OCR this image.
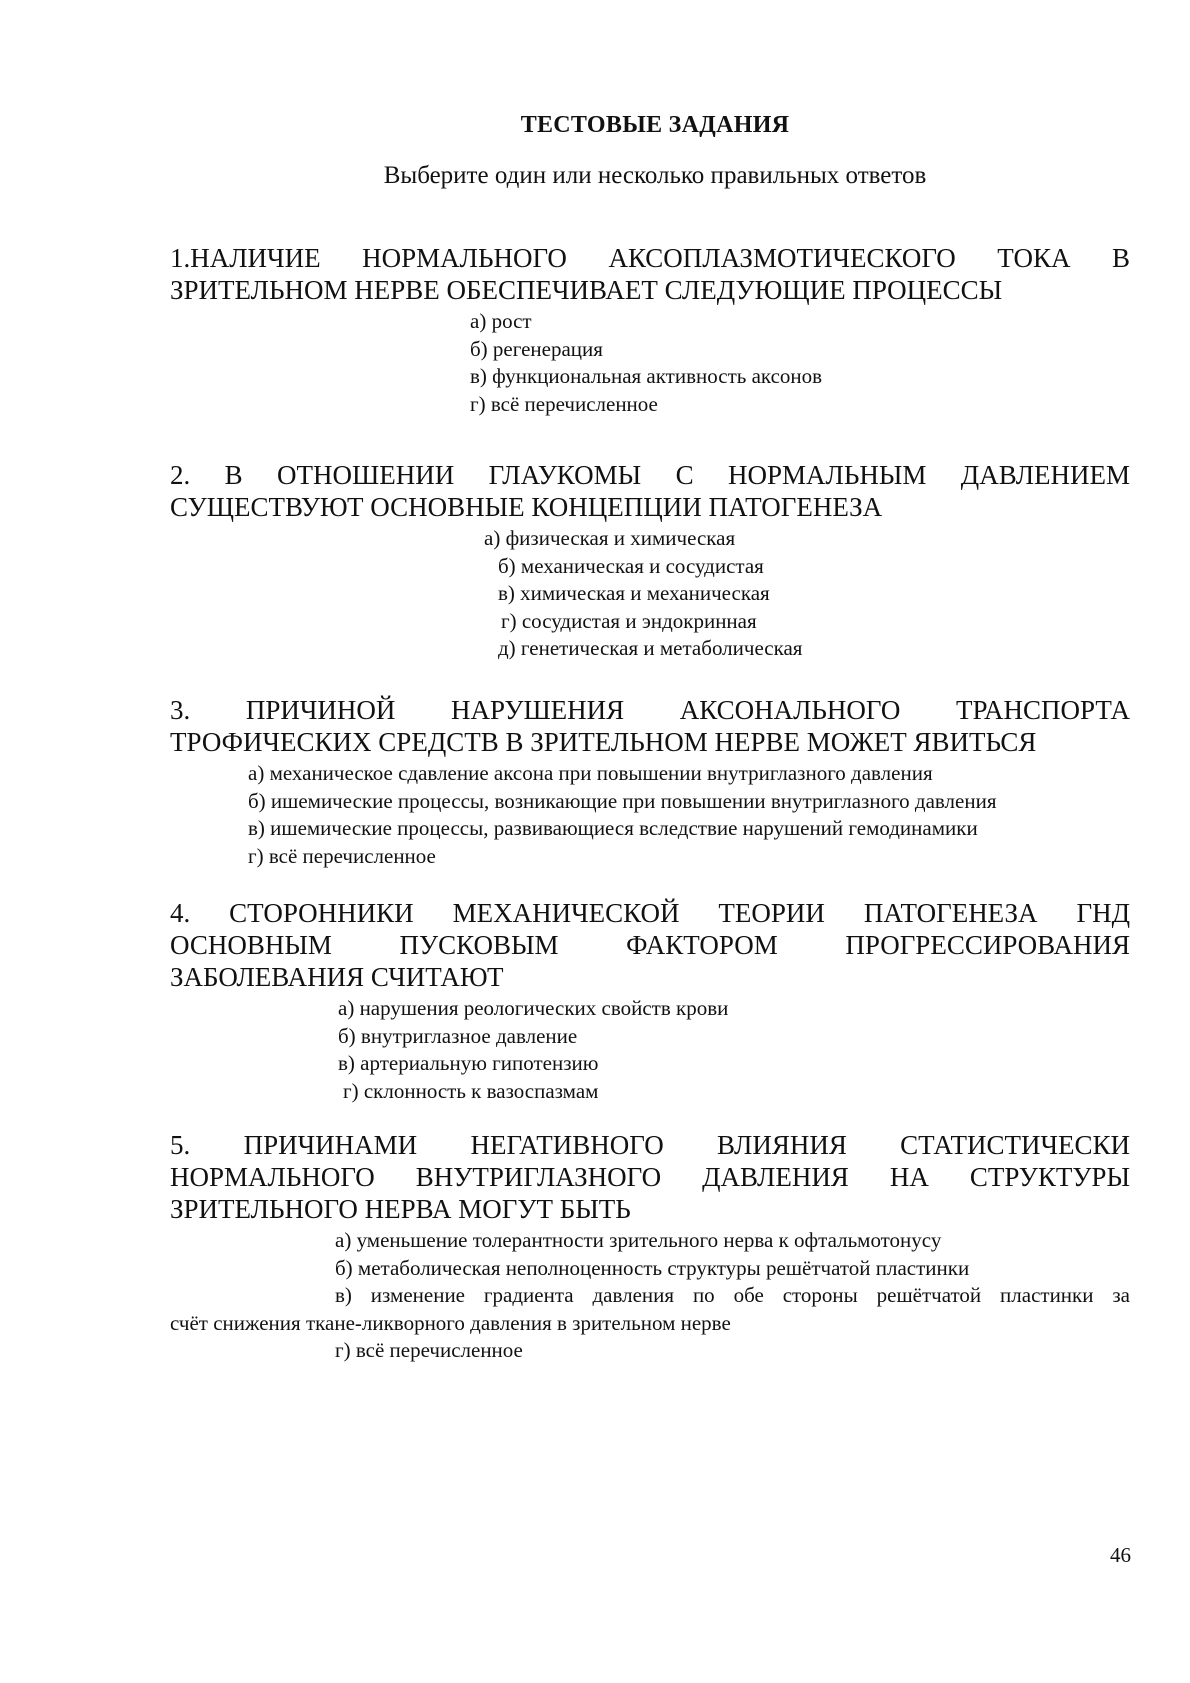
ТЕСТОВЫЕ ЗАДАНИЯ
Выберите один или несколько правильных ответов
1.НАЛИЧИЕ НОРМАЛЬНОГО АКСОПЛАЗМОТИЧЕСКОГО ТОКА В
ЗРИТЕЛЬНОМ НЕРВЕ ОБЕСПЕЧИВАЕТ СЛЕДУЮЩИЕ ПРОЦЕССЫ
а) рост
б) регенерация
в) функциональная активность аксонов
г) всё перечисленное
2. В ОТНОШЕНИИ ГЛАУКОМЫ С НОРМАЛЬНЫМ ДАВЛЕНИЕМ
СУЩЕСТВУЮТ ОСНОВНЫЕ КОНЦЕПЦИИ ПАТОГЕНЕЗА
а) физическая и химическая
б) механическая и сосудистая
в) химическая и механическая
г) сосудистая и эндокринная
д) генетическая и метаболическая
3. ПРИЧИНОЙ НАРУШЕНИЯ АКСОНАЛЬНОГО ТРАНСПОРТА
ТРОФИЧЕСКИХ СРЕДСТВ В ЗРИТЕЛЬНОМ НЕРВЕ МОЖЕТ ЯВИТЬСЯ
а) механическое сдавление аксона при повышении внутриглазного давления
б) ишемические процессы, возникающие при повышении внутриглазного давления
в) ишемические процессы, развивающиеся вследствие нарушений гемодинамики
г) всё перечисленное
4. СТОРОННИКИ МЕХАНИЧЕСКОЙ ТЕОРИИ ПАТОГЕНЕЗА ГНД
ОСНОВНЫМ ПУСКОВЫМ ФАКТОРОМ ПРОГРЕССИРОВАНИЯ
ЗАБОЛЕВАНИЯ СЧИТАЮТ
а) нарушения реологических свойств крови
б) внутриглазное давление
в) артериальную гипотензию
г) склонность к вазоспазмам
5. ПРИЧИНАМИ НЕГАТИВНОГО ВЛИЯНИЯ СТАТИСТИЧЕСКИ
НОРМАЛЬНОГО ВНУТРИГЛАЗНОГО ДАВЛЕНИЯ НА СТРУКТУРЫ
ЗРИТЕЛЬНОГО НЕРВА МОГУТ БЫТЬ
а) уменьшение толерантности зрительного нерва к офтальмотонусу
б) метаболическая неполноценность структуры решётчатой пластинки
в) изменение градиента давления по обе стороны решётчатой пластинки за
счёт снижения ткане-ликворного давления в зрительном нерве
г) всё перечисленное
46
